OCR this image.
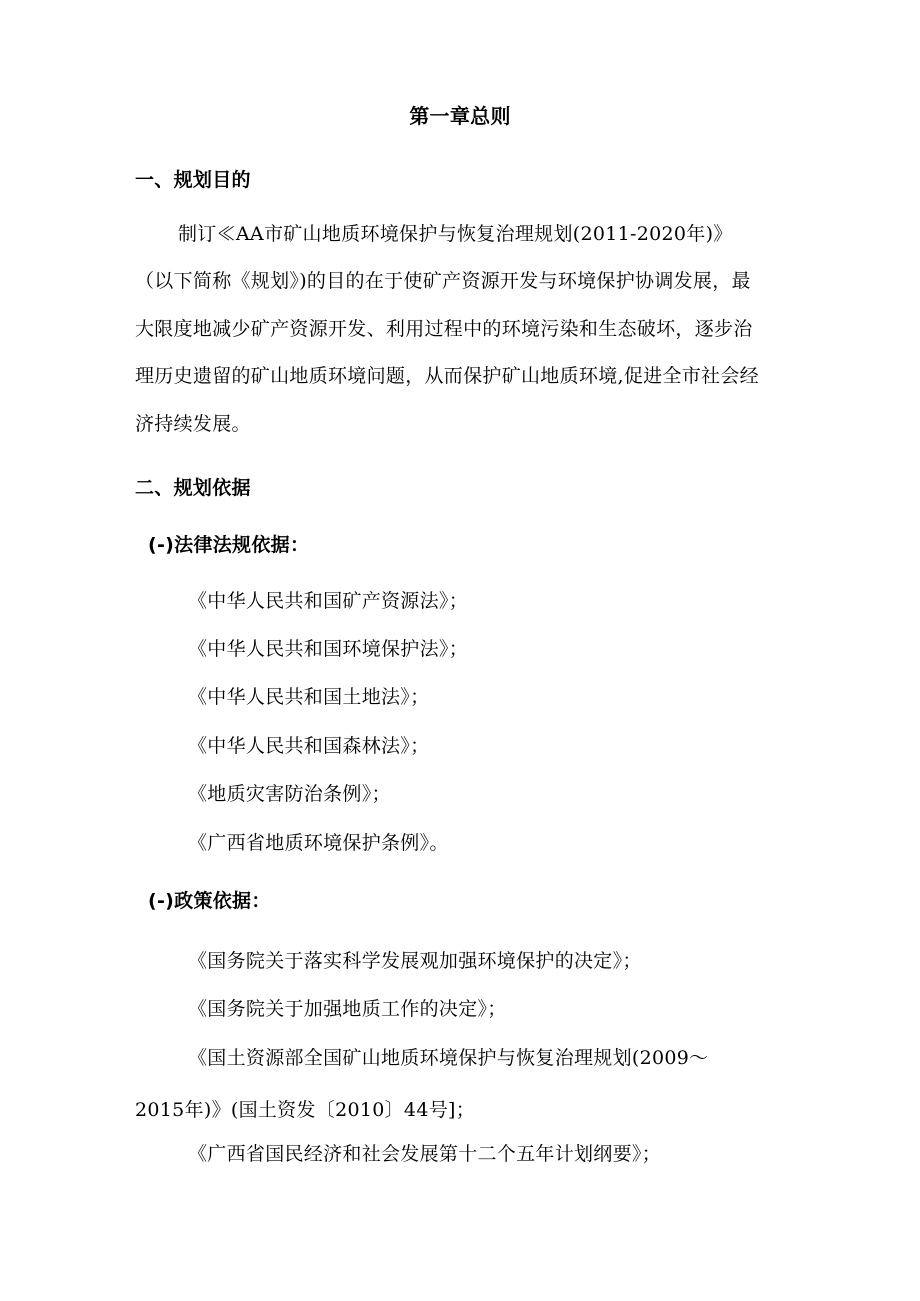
第一章总则
一、规划目的
制订≪AA市矿山地质环境保护与恢复治理规划(2011-2020年)》
（以下简称《规划》)的目的在于使矿产资源开发与环境保护协调发展，最
大限度地减少矿产资源开发、利用过程中的环境污染和生态破坏，逐步治
理历史遗留的矿山地质环境问题，从而保护矿山地质环境,促进全市社会经
济持续发展。
二、规划依据
(-)法律法规依据：
《中华人民共和国矿产资源法》；
《中华人民共和国环境保护法》；
《中华人民共和国土地法》；
《中华人民共和国森林法》；
《地质灾害防治条例》；
《广西省地质环境保护条例》。
(-)政策依据：
《国务院关于落实科学发展观加强环境保护的决定》；
《国务院关于加强地质工作的决定》；
《国土资源部全国矿山地质环境保护与恢复治理规划(2009～
2015年)》(国土资发〔2010〕44号]；
《广西省国民经济和社会发展第十二个五年计划纲要》；
